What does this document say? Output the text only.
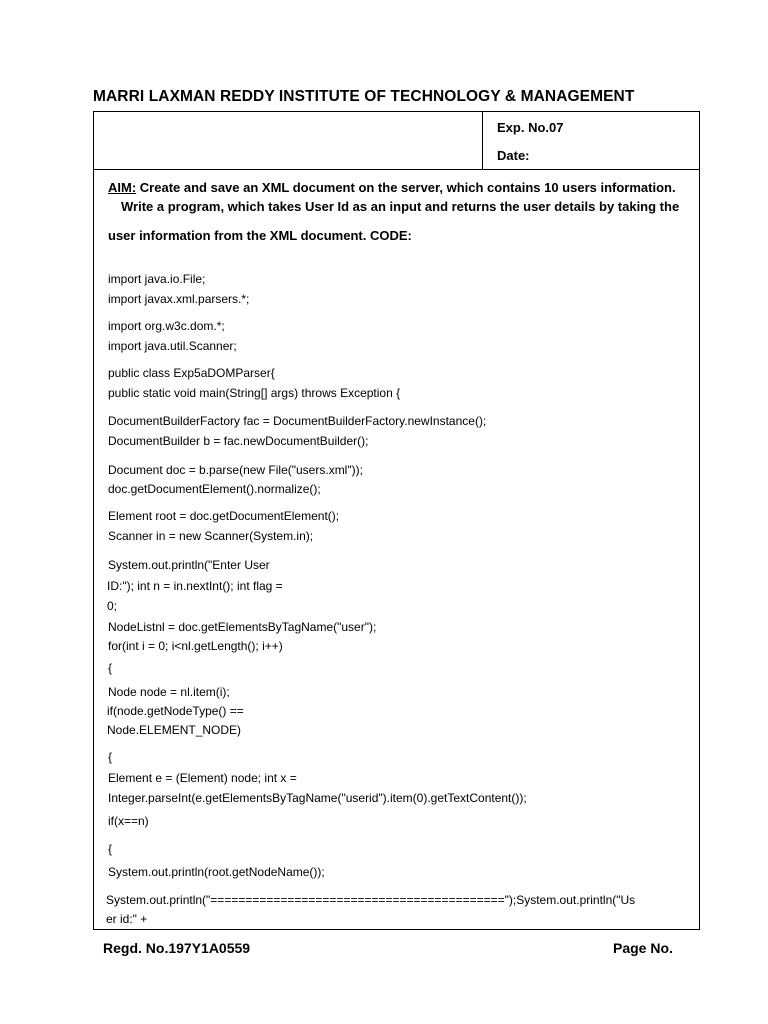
MARRI LAXMAN REDDY INSTITUTE OF TECHNOLOGY & MANAGEMENT
Exp. No.07
Date:
AIM: Create and save an XML document on the server, which contains 10 users information.
Write a program, which takes User Id as an input and returns the user details by taking the
user information from the XML document. CODE:
import java.io.File;
import javax.xml.parsers.*;
import org.w3c.dom.*;
import java.util.Scanner;
public class Exp5aDOMParser{
public static void main(String[] args) throws Exception {
DocumentBuilderFactory fac = DocumentBuilderFactory.newInstance();
DocumentBuilder b = fac.newDocumentBuilder();
Document doc = b.parse(new File("users.xml"));
doc.getDocumentElement().normalize();
Element root = doc.getDocumentElement();
Scanner in = new Scanner(System.in);
System.out.println("Enter User
ID:"); int n = in.nextInt(); int flag =
0;
NodeListnl = doc.getElementsByTagName("user");
for(int i = 0; i<nl.getLength(); i++)
{
Node node = nl.item(i);
if(node.getNodeType() ==
Node.ELEMENT_NODE)
{
Element e = (Element) node; int x =
Integer.parseInt(e.getElementsByTagName("userid").item(0).getTextContent());
if(x==n)
{
System.out.println(root.getNodeName());
System.out.println("==========================================");System.out.println("Us
er id:" +
Regd. No.197Y1A0559	Page No.
